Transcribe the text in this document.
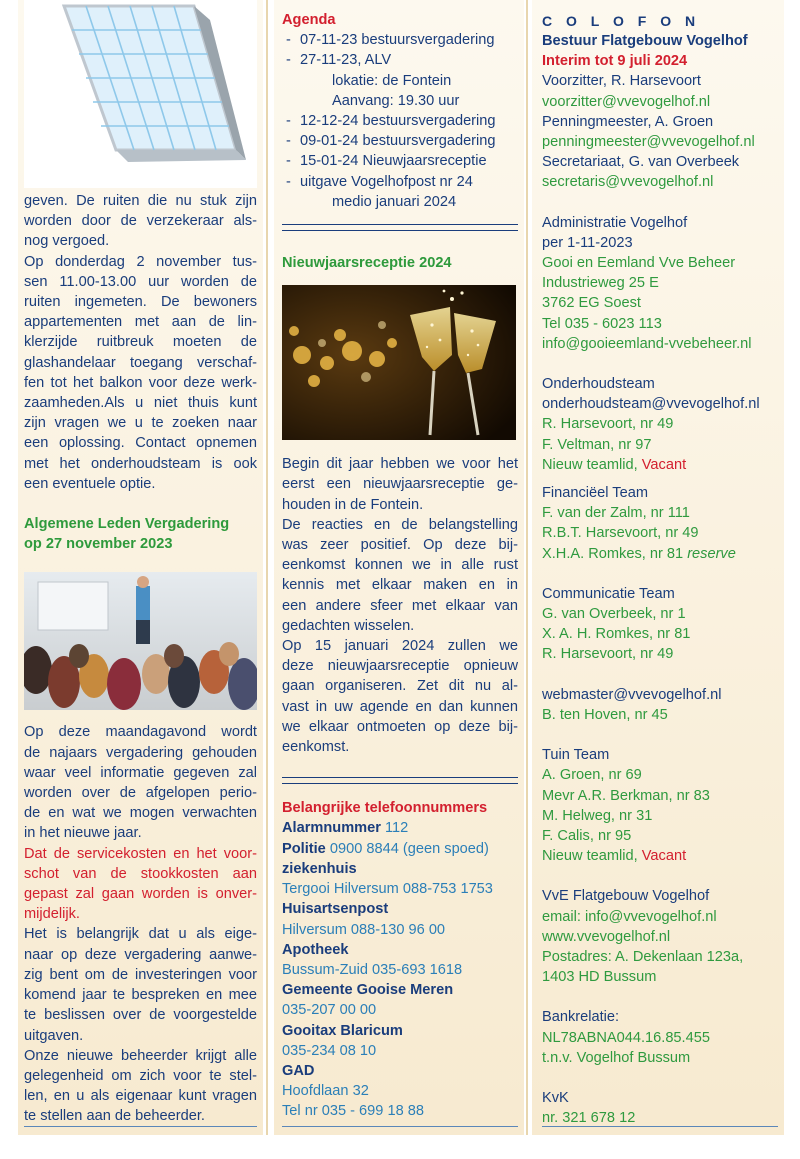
geven. De ruiten die nu stuk zijn
worden door de verzekeraar als-
nog vergoed.
Op donderdag 2 november tus-
sen 11.00-13.00 uur worden de
ruiten ingemeten. De bewoners
appartementen met aan de lin-
klerzijde ruitbreuk moeten de
glashandelaar toegang verschaf-
fen tot het balkon voor deze werk-
zaamheden.Als u niet thuis kunt
zijn vragen we u te zoeken naar
een oplossing. Contact opnemen
met het onderhoudsteam is ook
een eventuele optie.
Algemene Leden Vergadering
op 27 november 2023
Op deze maandagavond wordt
de najaars vergadering gehouden
waar veel informatie gegeven zal
worden over de afgelopen perio-
de en wat we mogen verwachten
in het nieuwe jaar.
Dat de servicekosten en het voor-
schot van de stookkosten aan
gepast zal gaan worden is onver-
mijdelijk.
Het is belangrijk dat u als eige-
naar op deze vergadering aanwe-
zig bent om de investeringen voor
komend jaar te bespreken en mee
te beslissen over de voorgestelde
uitgaven.
Onze nieuwe beheerder krijgt alle
gelegenheid om zich voor te stel-
len, en u als eigenaar kunt vragen
te stellen aan de beheerder.
Agenda
- 07-11-23 bestuursvergadering
- 27-11-23, ALV
lokatie: de Fontein
Aanvang: 19.30 uur
- 12-12-24 bestuursvergadering
- 09-01-24 bestuursvergadering
- 15-01-24 Nieuwjaarsreceptie
- uitgave Vogelhofpost nr 24
medio januari 2024
Nieuwjaarsreceptie 2024
Begin dit jaar hebben we voor het
eerst een nieuwjaarsreceptie ge-
houden in de Fontein.
De reacties en de belangstelling
was zeer positief. Op deze bij-
eenkomst konnen we in alle rust
kennis met elkaar maken en in
een andere sfeer met elkaar van
gedachten wisselen.
Op 15 januari 2024 zullen we
deze nieuwjaarsreceptie opnieuw
gaan organiseren. Zet dit nu al-
vast in uw agende en dan kunnen
we elkaar ontmoeten op deze bij-
eenkomst.
Belangrijke telefoonnummers
Alarmnummer 112
Politie 0900 8844 (geen spoed)
ziekenhuis
Tergooi Hilversum 088-753 1753
Huisartsenpost
Hilversum 088-130 96 00
Apotheek
Bussum-Zuid 035-693 1618
Gemeente Gooise Meren
035-207 00 00
Gooitax Blaricum
035-234 08 10
GAD
Hoofdlaan 32
Tel nr 035 - 699 18 88
C O L O F O N
Bestuur Flatgebouw Vogelhof
Interim tot 9 juli 2024
Voorzitter, R. Harsevoort
voorzitter@vvevogelhof.nl
Penningmeester, A. Groen
penningmeester@vvevogelhof.nl
Secretariaat, G. van Overbeek
secretaris@vvevogelhof.nl
Administratie Vogelhof
per 1-11-2023
Gooi en Eemland Vve Beheer
Industrieweg 25 E
3762 EG Soest
Tel 035 - 6023 113
info@gooieemland-vvebeheer.nl
Onderhoudsteam
onderhoudsteam@vvevogelhof.nl
R. Harsevoort, nr 49
F. Veltman, nr 97
Nieuw teamlid, Vacant
Financiëel Team
F. van der Zalm, nr 111
R.B.T. Harsevoort, nr 49
X.H.A. Romkes, nr 81 reserve
Communicatie Team
G. van Overbeek, nr 1
X. A. H. Romkes, nr 81
R. Harsevoort, nr 49
webmaster@vvevogelhof.nl
B. ten Hoven, nr 45
Tuin Team
A. Groen, nr 69
Mevr A.R. Berkman, nr 83
M. Helweg, nr 31
F. Calis, nr 95
Nieuw teamlid, Vacant
VvE Flatgebouw Vogelhof
email: info@vvevogelhof.nl
www.vvevogelhof.nl
Postadres: A. Dekenlaan 123a,
1403 HD Bussum
Bankrelatie:
NL78ABNA044.16.85.455
t.n.v. Vogelhof Bussum
KvK
nr. 321 678 12
